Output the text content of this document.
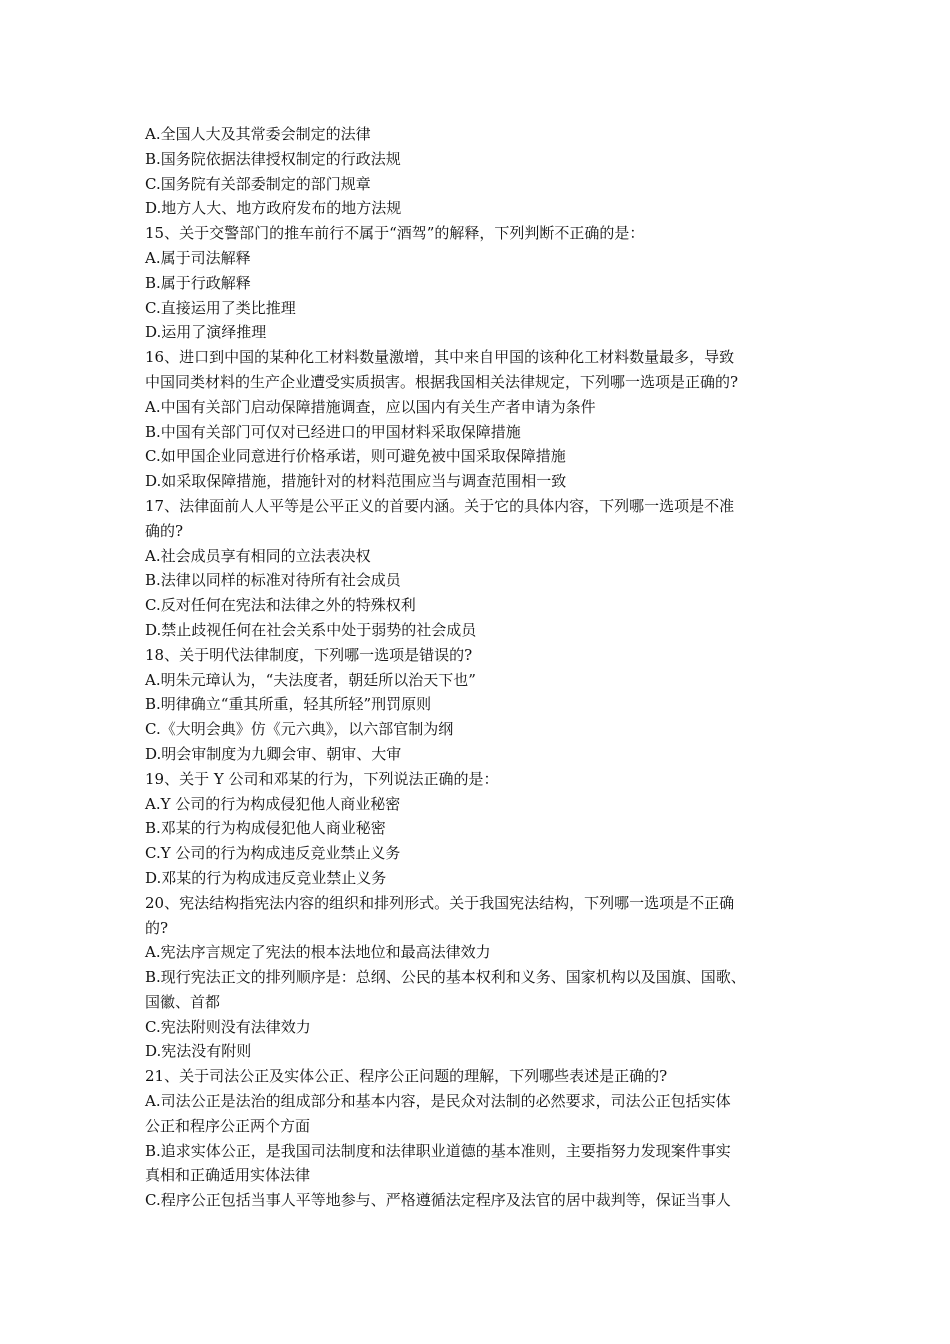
A.全国人大及其常委会制定的法律
B.国务院依据法律授权制定的行政法规
C.国务院有关部委制定的部门规章
D.地方人大、地方政府发布的地方法规
15、关于交警部门的推车前行不属于“酒驾”的解释，下列判断不正确的是：
A.属于司法解释
B.属于行政解释
C.直接运用了类比推理
D.运用了演绎推理
16、进口到中国的某种化工材料数量激增，其中来自甲国的该种化工材料数量最多，导致
中国同类材料的生产企业遭受实质损害。根据我国相关法律规定，下列哪一选项是正确的?
A.中国有关部门启动保障措施调查，应以国内有关生产者申请为条件
B.中国有关部门可仅对已经进口的甲国材料采取保障措施
C.如甲国企业同意进行价格承诺，则可避免被中国采取保障措施
D.如采取保障措施，措施针对的材料范围应当与调查范围相一致
17、法律面前人人平等是公平正义的首要内涵。关于它的具体内容，下列哪一选项是不准
确的?
A.社会成员享有相同的立法表决权
B.法律以同样的标准对待所有社会成员
C.反对任何在宪法和法律之外的特殊权利
D.禁止歧视任何在社会关系中处于弱势的社会成员
18、关于明代法律制度，下列哪一选项是错误的?
A.明朱元璋认为，“夫法度者，朝廷所以治天下也”
B.明律确立“重其所重，轻其所轻”刑罚原则
C.《大明会典》仿《元六典》，以六部官制为纲
D.明会审制度为九卿会审、朝审、大审
19、关于 Y 公司和邓某的行为，下列说法正确的是：
A.Y 公司的行为构成侵犯他人商业秘密
B.邓某的行为构成侵犯他人商业秘密
C.Y 公司的行为构成违反竞业禁止义务
D.邓某的行为构成违反竞业禁止义务
20、宪法结构指宪法内容的组织和排列形式。关于我国宪法结构，下列哪一选项是不正确
的?
A.宪法序言规定了宪法的根本法地位和最高法律效力
B.现行宪法正文的排列顺序是：总纲、公民的基本权利和义务、国家机构以及国旗、国歌、
国徽、首都
C.宪法附则没有法律效力
D.宪法没有附则
21、关于司法公正及实体公正、程序公正问题的理解，下列哪些表述是正确的?
A.司法公正是法治的组成部分和基本内容，是民众对法制的必然要求，司法公正包括实体
公正和程序公正两个方面
B.追求实体公正，是我国司法制度和法律职业道德的基本准则，主要指努力发现案件事实
真相和正确适用实体法律
C.程序公正包括当事人平等地参与、严格遵循法定程序及法官的居中裁判等，保证当事人
